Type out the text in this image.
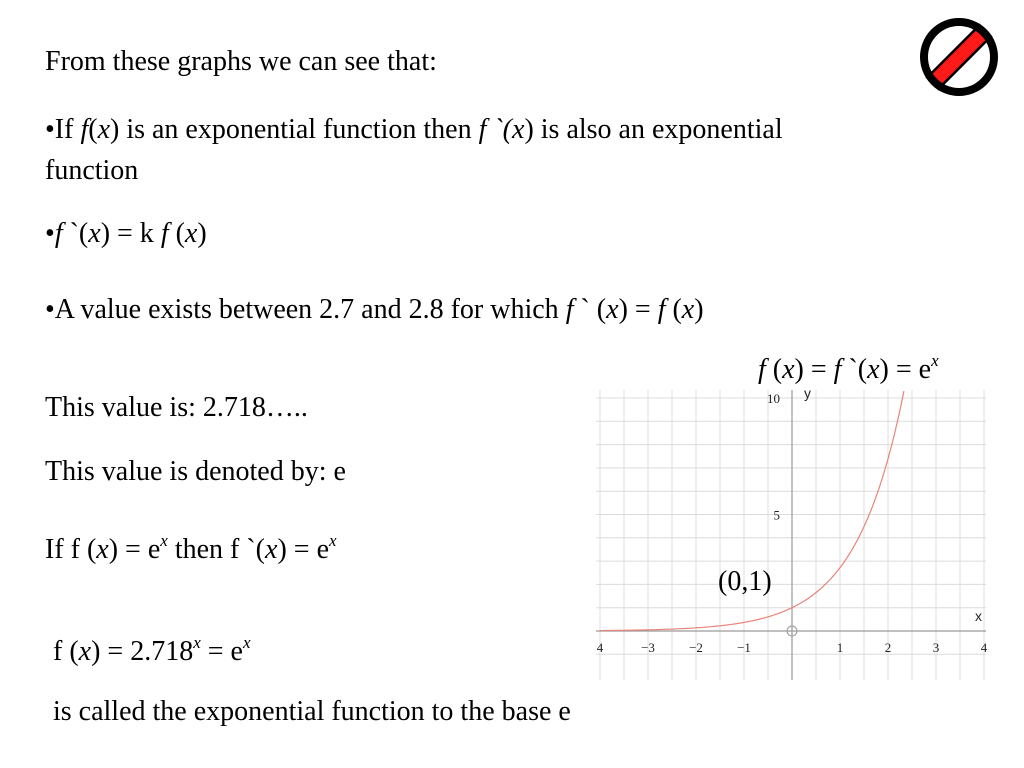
From these graphs we can see that:
•If f(x) is an exponential function then f `(x) is also an exponential
function
•f `(x) = k f (x)
•A value exists between 2.7 and 2.8 for which f ` (x) = f (x)
f (x) = f `(x) = $e^x$
This value is: 2.718…..
This value is denoted by: e
If f $(x) = e^x$ then f `(x) = $e^x$
f $(x) = 2.718^x = e^x$
is called the exponential function to the base e
4	−3	−2	−1	1	2	3	4
10
5
x
y
(0,1)
